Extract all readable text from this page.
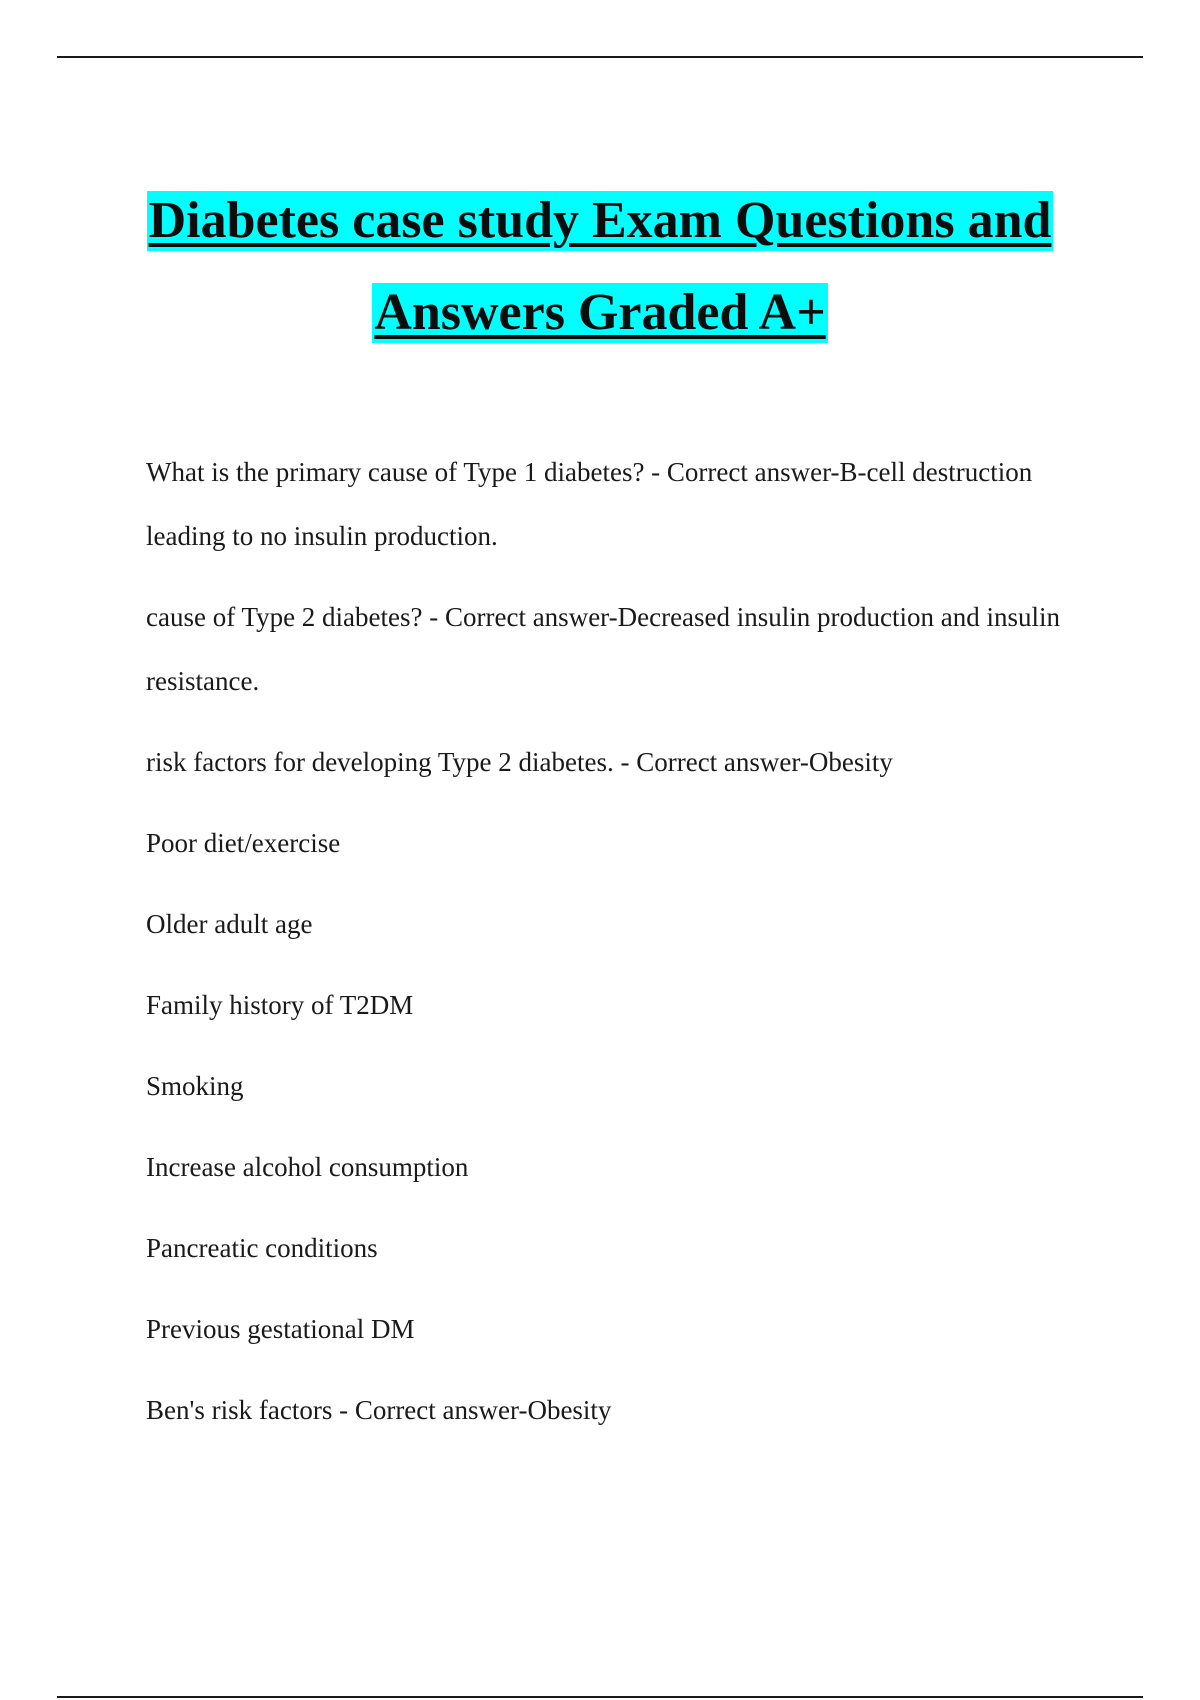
Diabetes case study Exam Questions and
Answers Graded A+

What is the primary cause of Type 1 diabetes? - Correct answer-B-cell destruction leading to no insulin production.

cause of Type 2 diabetes? - Correct answer-Decreased insulin production and insulin resistance.

risk factors for developing Type 2 diabetes. - Correct answer-Obesity

Poor diet/exercise

Older adult age

Family history of T2DM

Smoking

Increase alcohol consumption

Pancreatic conditions

Previous gestational DM

Ben's risk factors - Correct answer-Obesity
